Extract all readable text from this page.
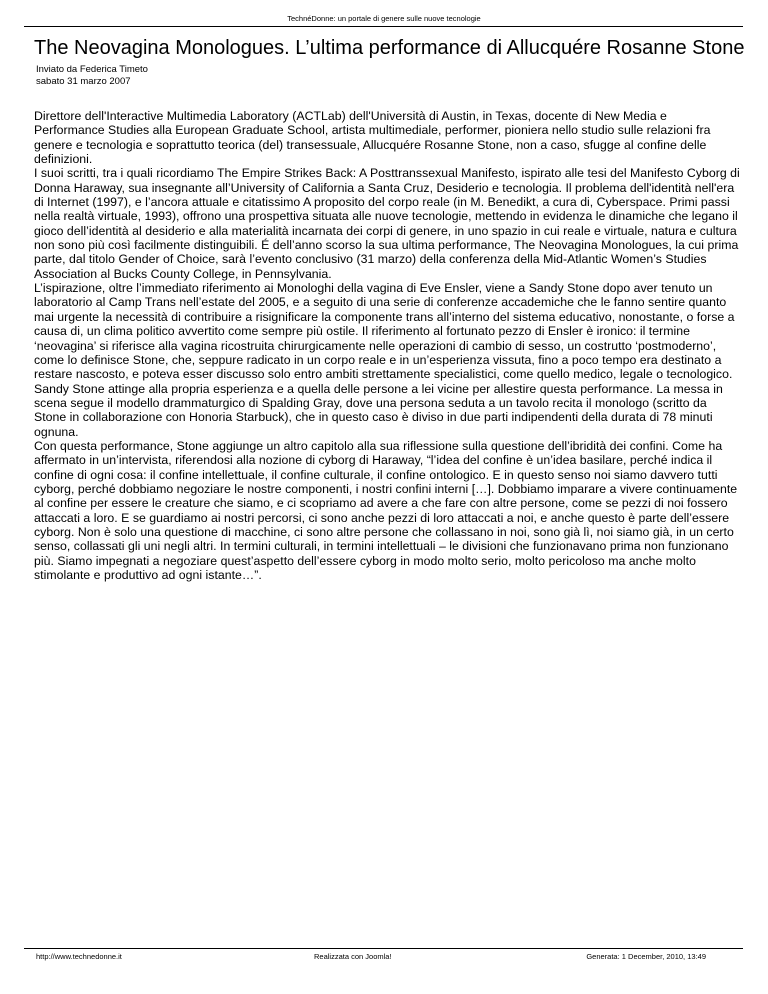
TechnéDonne: un portale di genere sulle nuove tecnologie
The Neovagina Monologues. L’ultima performance di Allucquére Rosanne Stone
Inviato da Federica Timeto
sabato 31 marzo 2007

Direttore dell'Interactive Multimedia Laboratory (ACTLab) dell'Università di Austin, in Texas, docente di New Media e Performance Studies alla European Graduate School, artista multimediale, performer, pioniera nello studio sulle relazioni fra genere e tecnologia e soprattutto teorica (del) transessuale, Allucquére Rosanne Stone, non a caso, sfugge al confine delle definizioni.

I suoi scritti, tra i quali ricordiamo The Empire Strikes Back: A Posttranssexual Manifesto, ispirato alle tesi del Manifesto Cyborg di Donna Haraway, sua insegnante all’University of California a Santa Cruz, Desiderio e tecnologia. Il problema dell'identità nell'era di Internet (1997), e l’ancora attuale e citatissimo A proposito del corpo reale (in M. Benedikt, a cura di, Cyberspace. Primi passi nella realtà virtuale, 1993), offrono una prospettiva situata alle nuove tecnologie, mettendo in evidenza le dinamiche che legano il gioco dell’identità al desiderio e alla materialità incarnata dei corpi di genere, in uno spazio in cui reale e virtuale, natura e cultura non sono più così facilmente distinguibili. É dell’anno scorso la sua ultima performance, The Neovagina Monologues, la cui prima parte, dal titolo Gender of Choice, sarà l’evento conclusivo (31 marzo) della conferenza della Mid-Atlantic Women’s Studies Association al Bucks County College, in Pennsylvania.

L’ispirazione, oltre l’immediato riferimento ai Monologhi della vagina di Eve Ensler, viene a Sandy Stone dopo aver tenuto un laboratorio al Camp Trans nell’estate del 2005, e a seguito di una serie di conferenze accademiche che le fanno sentire quanto mai urgente la necessità di contribuire a risignificare la componente trans all’interno del sistema educativo, nonostante, o forse a causa di, un clima politico avvertito come sempre più ostile. Il riferimento al fortunato pezzo di Ensler è ironico: il termine ‘neovagina’ si riferisce alla vagina ricostruita chirurgicamente nelle operazioni di cambio di sesso, un costrutto ‘postmoderno’, come lo definisce Stone, che, seppure radicato in un corpo reale e in un’esperienza vissuta, fino a poco tempo era destinato a restare nascosto, e poteva esser discusso solo entro ambiti strettamente specialistici, come quello medico, legale o tecnologico. Sandy Stone attinge alla propria esperienza e a quella delle persone a lei vicine per allestire questa performance. La messa in scena segue il modello drammaturgico di Spalding Gray, dove una persona seduta a un tavolo recita il monologo (scritto da Stone in collaborazione con Honoria Starbuck), che in questo caso è diviso in due parti indipendenti della durata di 78 minuti ognuna.

Con questa performance, Stone aggiunge un altro capitolo alla sua riflessione sulla questione dell’ibridità dei confini. Come ha affermato in un’intervista, riferendosi alla nozione di cyborg di Haraway, “l’idea del confine è un’idea basilare, perché indica il confine di ogni cosa: il confine intellettuale, il confine culturale, il confine ontologico. E in questo senso noi siamo davvero tutti cyborg, perché dobbiamo negoziare le nostre componenti, i nostri confini interni […]. Dobbiamo imparare a vivere continuamente al confine per essere le creature che siamo, e ci scopriamo ad avere a che fare con altre persone, come se pezzi di noi fossero attaccati a loro. E se guardiamo ai nostri percorsi, ci sono anche pezzi di loro attaccati a noi, e anche questo è parte dell’essere cyborg. Non è solo una questione di macchine, ci sono altre persone che collassano in noi, sono già lì, noi siamo già, in un certo senso, collassati gli uni negli altri. In termini culturali, in termini intellettuali – le divisioni che funzionavano prima non funzionano più. Siamo impegnati a negoziare quest’aspetto dell’essere cyborg in modo molto serio, molto pericoloso ma anche molto stimolante e produttivo ad ogni istante…”.

http://www.technedonne.it	Realizzata con Joomla!	Generata: 1 December, 2010, 13:49
